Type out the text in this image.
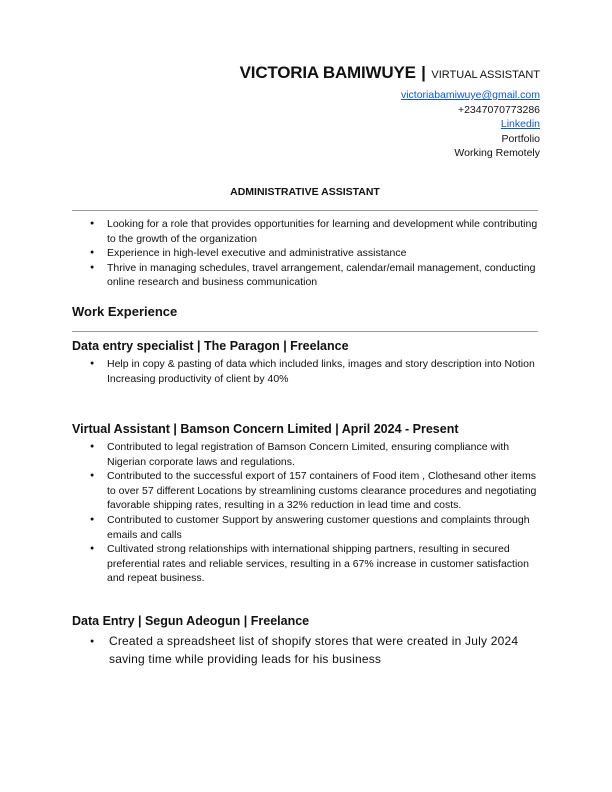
VICTORIA BAMIWUYE | VIRTUAL ASSISTANT
victoriabamiwuye@gmail.com
+2347070773286
Linkedin
Portfolio
Working Remotely
ADMINISTRATIVE ASSISTANT
● Looking for a role that provides opportunities for learning and development while contributing to the growth of the organization
● Experience in high-level executive and administrative assistance
● Thrive in managing schedules, travel arrangement, calendar/email management, conducting online research and business communication
Work Experience
Data entry specialist | The Paragon | Freelance
● Help in copy & pasting of data which included links, images and story description into Notion Increasing productivity of client by 40%
Virtual Assistant | Bamson Concern Limited | April 2024 - Present
● Contributed to legal registration of Bamson Concern Limited, ensuring compliance with Nigerian corporate laws and regulations.
● Contributed to the successful export of 157 containers of Food item , Clothesand other items to over 57 different Locations by streamlining customs clearance procedures and negotiating favorable shipping rates, resulting in a 32% reduction in lead time and costs.
● Contributed to customer Support by answering customer questions and complaints through emails and calls
● Cultivated strong relationships with international shipping partners, resulting in secured preferential rates and reliable services, resulting in a 67% increase in customer satisfaction and repeat business.
Data Entry | Segun Adeogun | Freelance
● Created a spreadsheet list of shopify stores that were created in July 2024 saving time while providing leads for his business
